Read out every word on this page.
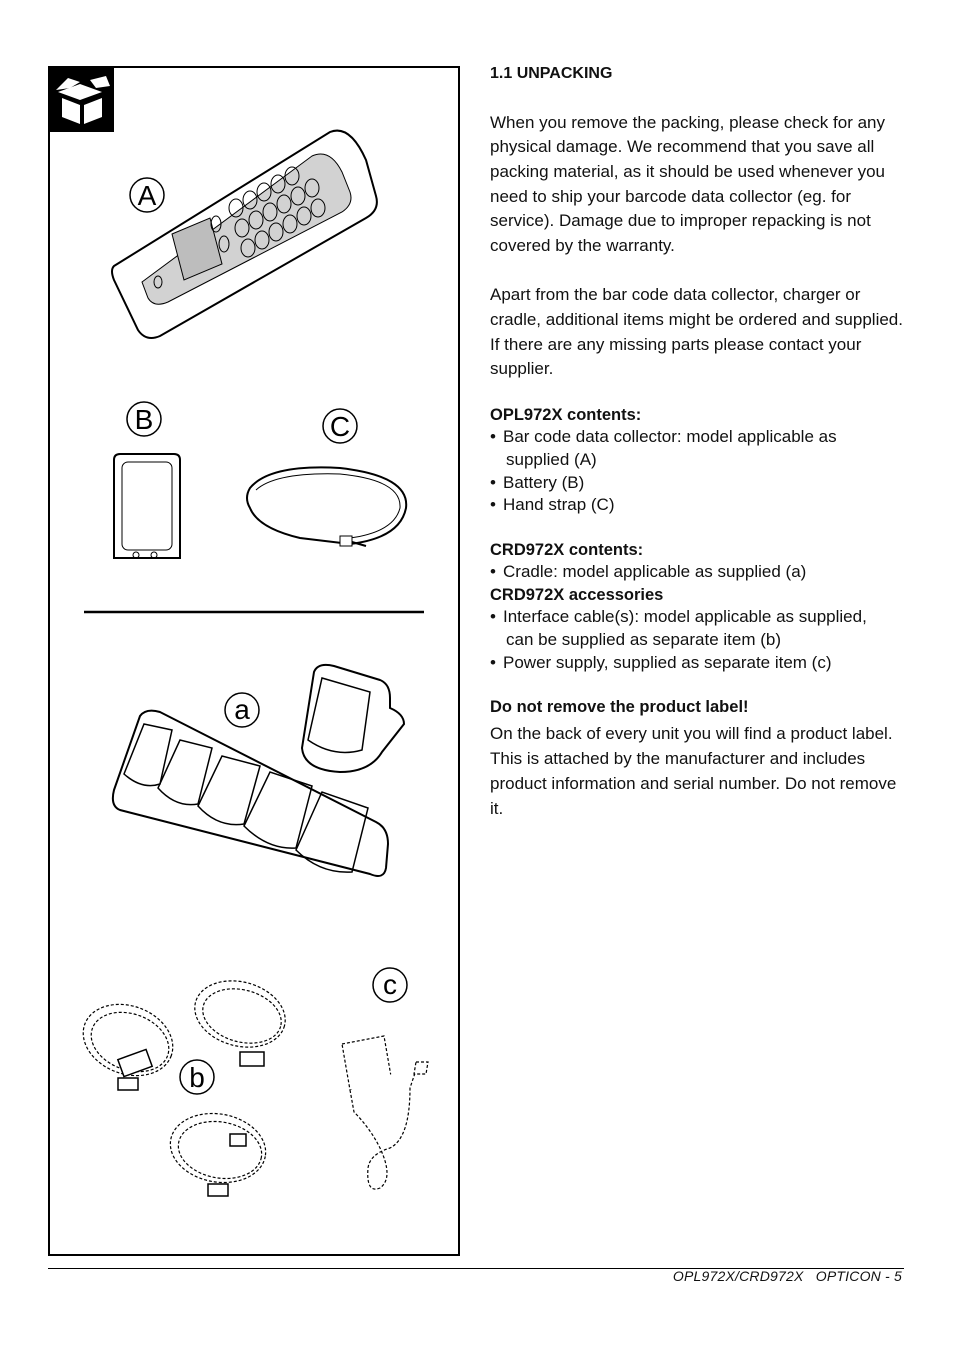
A
B	C
a
b
c
1.1 UNPACKING

When you remove the packing, please check for any physical damage. We recommend that you save all packing material, as it should be used whenever you need to ship your barcode data collector (eg. for service). Damage due to improper repacking is not covered by the warranty.

Apart from the bar code data collector, charger or cradle, additional items might be ordered and supplied. If there are any missing parts please contact your supplier.

OPL972X contents:
• Bar code data collector: model applicable as
supplied (A)
• Battery (B)
• Hand strap (C)
CRD972X contents:
• Cradle: model applicable as supplied (a)
CRD972X accessories
• Interface cable(s): model applicable as supplied,
can be supplied as separate item (b)
• Power supply, supplied as separate item (c)
Do not remove the product label!

On the back of every unit you will find a product label. This is attached by the manufacturer and includes product information and serial number. Do not remove it.

OPL972X/CRD972X   OPTICON - 5
